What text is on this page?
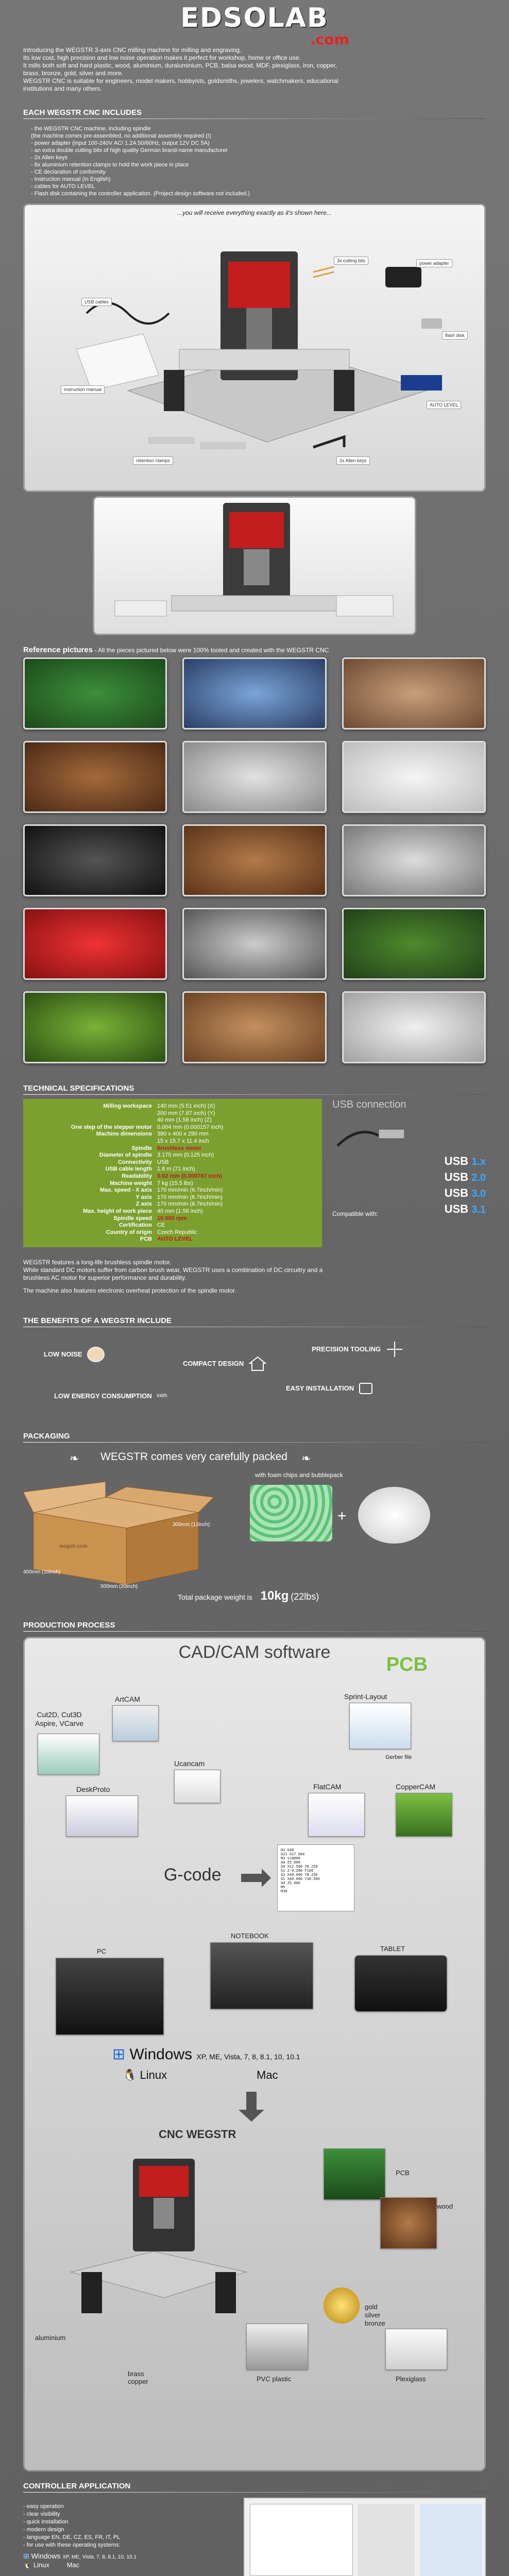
EDSOLAB
.com

Introducing the WEGSTR 3-axis CNC milling machine for milling and engraving.

Its low cost, high precision and low noise operation makes it perfect for workshop, home or office use.

It mills both soft and hard plastic, wood, aluminium, duraluminium, PCB, balsa wood, MDF, plexiglass, iron, copper,

brass, bronze, gold, silver and more.

WEGSTR CNC is suitable for engineers, model makers, hobbyists, goldsmiths, jewelers, watchmakers, educational

institutions and many others.

EACH WEGSTR CNC INCLUDES
- the WEGSTR CNC machine, including spindle
(the machine comes pre-assembled, no additional assembly required (!)
- power adapter (input 100-240V AC/ 1.2A 50/60Hz, output 12V DC 5A)
- an extra double cutting bits of high quality German brand-name manufacturer
- 2x Allen keys
- 8x aluminium retention clamps to hold the work piece in place
- CE declaration of conformity
- Instruction manual (in English)
- cables for AUTO LEVEL
- Flash disk containing the controller application. (Project design software not included.)
...you will receive everything exactly as it's shown here...
USB cables
instruction manual
retention clamps
3x cutting bits	power adapter
flash disk
2x Allen keys
AUTO LEVEL
Reference pictures - All the pieces pictured below were 100% tooled and created with the WEGSTR CNC
TECHNICAL SPECIFICATIONS
Milling workspace 140 mm (5.51 inch) (X)
200 mm (7.87 inch) (Y)
40 mm (1.58 inch) (Z)
One step of the stepper motor 0.004 mm (0.000157 inch)
Machine dimensions 380 x 400 x 290 mm
15 x 15.7 x 11.4 inch
Spindle brushless motor
Diameter of spindle 3.175 mm (0.125 inch)
Connectivity USB
USB cable length 1.8 m (71 inch)
Readability 0.02 mm (0.000787 inch)
Machine weight 7 kg (15.5 lbs)
Max. speed - X axis 170 mm/min (6.7inch/min)
Y axis 170 mm/min (6.7inch/min)
Z axis 170 mm/min (6.7inch/min)
Max. height of work piece 40 mm (1.58 inch)
Spindle speed 10 000 rpm
Certification CE
Country of origin Czech Republic
PCB AUTO LEVEL
USB connection
Compatible with:
USB 1.x
USB 2.0
USB 3.0
USB 3.1
WEGSTR features a long-life brushless spindle motor.
While standard DC motors suffer from carbon brush wear, WEGSTR uses a combination of DC circuitry and a
brushless AC motor for superior performance and durability.
The machine also features electronic overheat protection of the spindle motor.
THE BENEFITS OF A WEGSTR INCLUDE
LOW NOISE
COMPACT DESIGN
PRECISION TOOLING
LOW ENERGY CONSUMPTION kWh
EASY INSTALLATION
PACKAGING
❧ WEGSTR comes very carefully packed ❧
wegstr.com
300mm (12inch)
400mm (16inch)
500mm (20inch)
with foam chips and bubblepack
+
Total package weight is 10kg (22lbs)
PRODUCTION PROCESS
CAD/CAM software
PCB
ArtCAM
Cut2D, Cut3D
Aspire, VCarve
Ucancam
DeskProto
Sprint-Layout
Gerber file
FlatCAM	CopperCAM
G-code
N1 G90
G21 G17 G64
M3 S10000
G0 Z5.000
G0 X12.500 Y8.250
G1 Z-0.200 F100
G1 X40.000 Y8.250
G1 X40.000 Y30.500
G0 Z5.000
M5
M30
PC
NOTEBOOK
TABLET
⊞ Windows XP, ME, Vista, 7, 8, 8.1, 10, 10.1
🐧 Linux	Mac
CNC WEGSTR
PCB
wood
aluminium
brass
copper	PVC plastic
gold
silver
bronze
Plexiglass
CONTROLLER APPLICATION
- easy operation
- clear visibility
- quick installation
- modern design
- language EN, DE, CZ, ES, FR, IT, PL
- for use with these operating systems:
⊞ Windows XP, ME, Vista, 7, 8, 8.1, 10, 10.1
🐧 Linux	Mac
